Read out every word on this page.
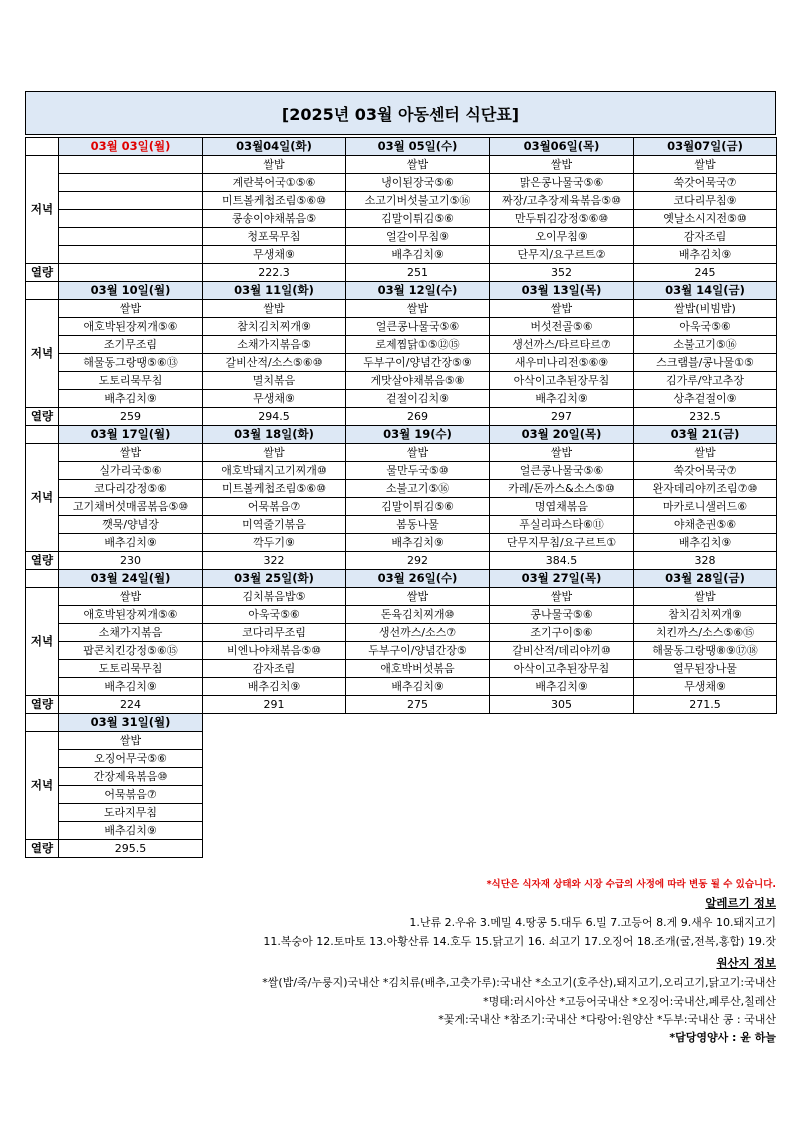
[2025년 03월 아동센터 식단표]
	03월 03일(월)	03월04일(화)	03월 05일(수)	03월06일(목)	03월07일(금)
저녁		쌀밥	쌀밥	쌀밥	쌀밥
		계란북어국①⑤⑥	냉이된장국⑤⑥	맑은콩나물국⑤⑥	쑥갓어묵국⑦
		미트볼케첩조림⑤⑥⑩	소고기버섯불고기⑤⑯	짜장/고추장제육볶음⑤⑩	코다리무침⑨
		콩송이야채볶음⑤	김말이튀김⑤⑥	만두튀김강정⑤⑥⑩	옛날소시지전⑤⑩
		청포묵무침	얼갈이무침⑨	오이무침⑨	감자조림
		무생채⑨	배추김치⑨	단무지/요구르트②	배추김치⑨
열량		222.3	251	352	245
	03월 10일(월)	03월 11일(화)	03월 12일(수)	03월 13일(목)	03월 14일(금)
저녁	쌀밥	쌀밥	쌀밥	쌀밥	쌀밥(비빔밥)
	애호박된장찌개⑤⑥	참치김치찌개⑨	얼큰콩나물국⑤⑥	버섯전골⑤⑥	아욱국⑤⑥
	조기무조림	소채가지볶음⑤	로제찜닭①⑤⑫⑮	생선까스/타르타르⑦	소불고기⑤⑯
	해물동그랑땡⑤⑥⑬	갈비산적/소스⑤⑥⑩	두부구이/양념간장⑤⑨	새우미나리전⑤⑥⑨	스크램블/콩나물①⑤
	도토리묵무침	멸치볶음	게맛살야채볶음⑤⑧	아삭이고추된장무침	김가루/약고추장
	배추김치⑨	무생채⑨	겉절이김치⑨	배추김치⑨	상추겉절이⑨
열량	259	294.5	269	297	232.5
	03월 17일(월)	03월 18일(화)	03월 19(수)	03월 20일(목)	03월 21(금)
저녁	쌀밥	쌀밥	쌀밥	쌀밥	쌀밥
	실가리국⑤⑥	애호박돼지고기찌개⑩	물만두국⑤⑩	얼큰콩나물국⑤⑥	쑥갓어묵국⑦
	코다리강정⑤⑥	미트볼케첩조림⑤⑥⑩	소불고기⑤⑯	카레/돈까스&소스⑤⑩	완자데리야끼조림⑦⑩
	고기채버섯매콤볶음⑤⑩	어묵볶음⑦	김말이튀김⑤⑥	명엽채볶음	마카로니샐러드⑥
	깻묵/양념장	미역줄기볶음	봄동나물	푸실리파스타⑥⑪	야채춘권⑤⑥
	배추김치⑨	깍두기⑨	배추김치⑨	단무지무침/요구르트①	배추김치⑨
열량	230	322	292	384.5	328
	03월 24일(월)	03월 25일(화)	03월 26일(수)	03월 27일(목)	03월 28일(금)
저녁	쌀밥	김치볶음밥⑤	쌀밥	쌀밥	쌀밥
	애호박된장찌개⑤⑥	아욱국⑤⑥	돈육김치찌개⑩	콩나물국⑤⑥	참치김치찌개⑨
	소채가지볶음	코다리무조림	생선까스/소스⑦	조기구이⑤⑥	치킨까스/소스⑤⑥⑮
	팝콘치킨강정⑤⑥⑮	비엔나야채볶음⑤⑩	두부구이/양념간장⑤	갈비산적/데리야끼⑩	해물동그랑땡⑧⑨⑰⑱
	도토리묵무침	감자조림	애호박버섯볶음	아삭이고추된장무침	열무된장나물
	배추김치⑨	배추김치⑨	배추김치⑨	배추김치⑨	무생채⑨
열량	224	291	275	305	271.5
	03월 31일(월)				
저녁	쌀밥				
	오징어무국⑤⑥				
	간장제육볶음⑩				
	어묵볶음⑦				
	도라지무침				
	배추김치⑨				
열량	295.5				
*식단은 식자재 상태와 시장 수급의 사정에 따라 변동 될 수 있습니다.
알레르기 정보
1.난류 2.우유 3.메밀 4.땅콩 5.대두 6.밀 7.고등어 8.게 9.새우 10.돼지고기
11.복숭아 12.토마토 13.아황산류 14.호두 15.닭고기 16. 쇠고기 17.오징어 18.조개(굴,전복,홍합) 19.잣
원산지 정보
*쌀(밥/죽/누룽지)국내산 *김치류(배추,고춧가루):국내산 *소고기(호주산),돼지고기,오리고기,닭고기:국내산
*명태:러시아산 *고등어국내산 *오징어:국내산,페루산,칠레산
*꽃게:국내산 *참조기:국내산 *다랑어:원양산 *두부:국내산 콩 : 국내산
*담당영양사 : 윤 하늘
